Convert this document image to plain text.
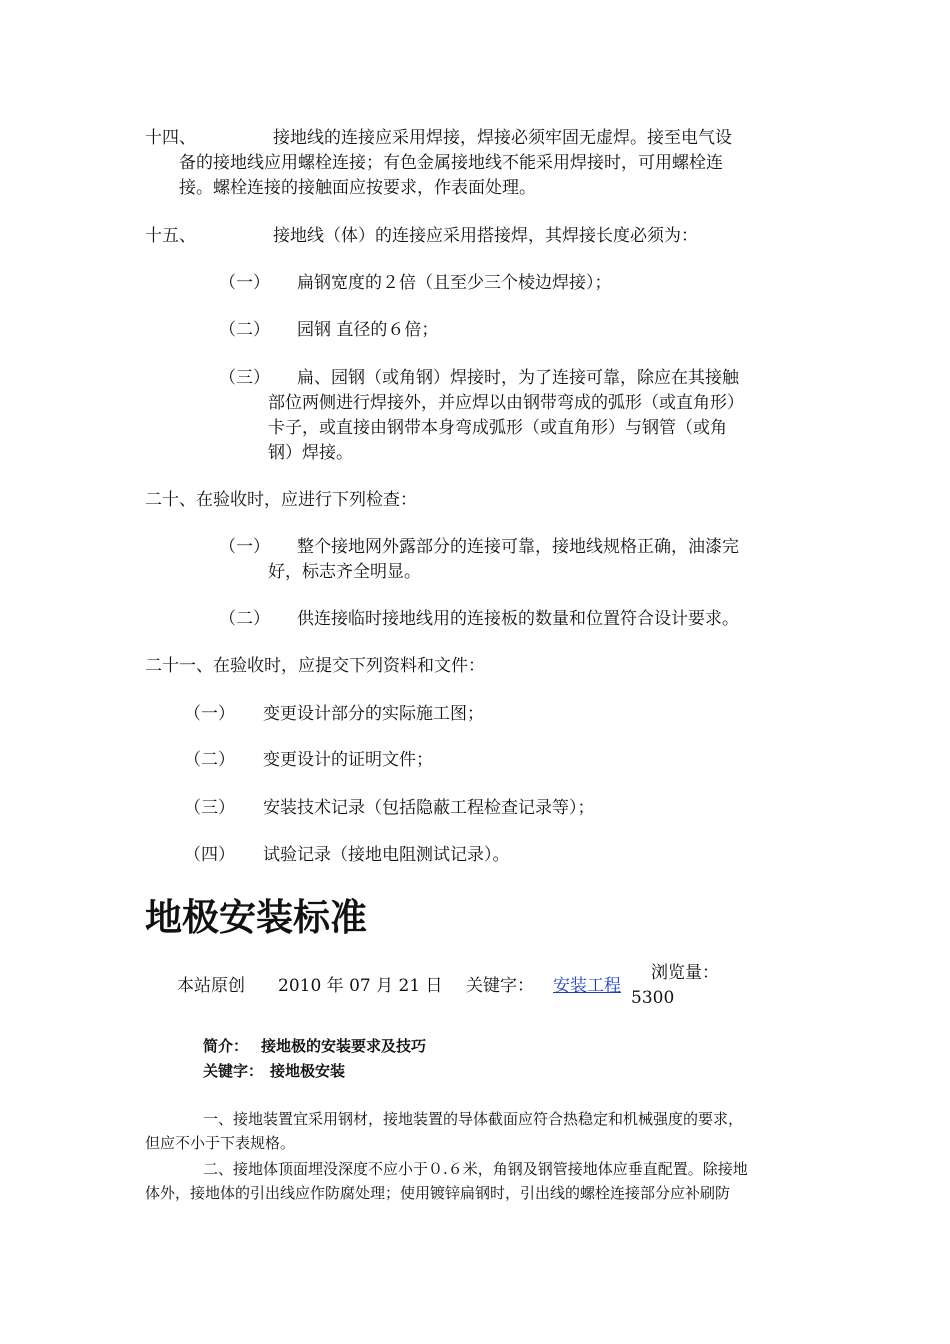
十四、	接地线的连接应采用焊接，焊接必须牢固无虚焊。接至电气设
备的接地线应用螺栓连接；有色金属接地线不能采用焊接时，可用螺栓连
接。螺栓连接的接触面应按要求，作表面处理。
十五、	接地线（体）的连接应采用搭接焊，其焊接长度必须为：
（一） 扁钢宽度的２倍（且至少三个棱边焊接）；
（二） 园钢 直径的６倍；
（三） 扁、园钢（或角钢）焊接时，为了连接可靠，除应在其接触
部位两侧进行焊接外，并应焊以由钢带弯成的弧形（或直角形）
卡子，或直接由钢带本身弯成弧形（或直角形）与钢管（或角
钢）焊接。
二十、在验收时，应进行下列检查：
（一） 整个接地网外露部分的连接可靠，接地线规格正确，油漆完
好，标志齐全明显。
（二） 供连接临时接地线用的连接板的数量和位置符合设计要求。
二十一、在验收时，应提交下列资料和文件：
（一） 变更设计部分的实际施工图；
（二） 变更设计的证明文件；
（三） 安装技术记录（包括隐蔽工程检查记录等）；
（四） 试验记录（接地电阻测试记录）。
地极安装标准
本站原创 2010 年 07 月 21 日 关键字： 安装工程
浏览量：
5300
简介： 接地极的安装要求及技巧
关键字： 接地极安装
一、接地装置宜采用钢材，接地装置的导体截面应符合热稳定和机械强度的要求，
但应不小于下表规格。
二、接地体顶面埋没深度不应小于０.６米，角钢及钢管接地体应垂直配置。除接地
体外，接地体的引出线应作防腐处理；使用镀锌扁钢时，引出线的螺栓连接部分应补刷防
